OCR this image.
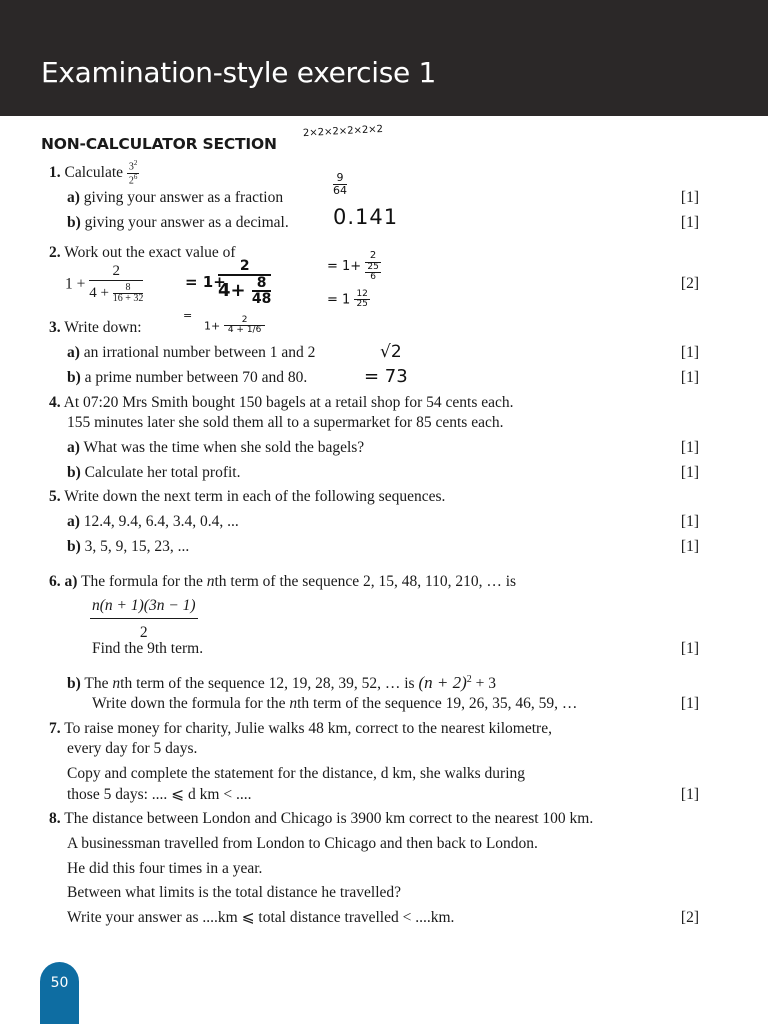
Examination-style exercise 1
NON-CALCULATOR SECTION
1. Calculate $\frac{3^2}{2^6}$
a) giving your answer as a fraction	[1]
b) giving your answer as a decimal.	[1]
2. Work out the exact value of
$1 + \frac{2}{4 + \frac{8}{16 + 32}}$	[2]
3. Write down:
a) an irrational number between 1 and 2	[1]
b) a prime number between 70 and 80.	[1]
4. At 07:20 Mrs Smith bought 150 bagels at a retail shop for 54 cents each.
155 minutes later she sold them all to a supermarket for 85 cents each.
a) What was the time when she sold the bagels?	[1]
b) Calculate her total profit.	[1]
5. Write down the next term in each of the following sequences.
a) 12.4, 9.4, 6.4, 3.4, 0.4, ...	[1]
b) 3, 5, 9, 15, 23, ...	[1]
6. a) The formula for the nth term of the sequence 2, 15, 48, 110, 210, … is
$\frac{n(n + 1)(3n - 1)}{2}$
Find the 9th term.	[1]
b) The nth term of the sequence 12, 19, 28, 39, 52, … is $(n + 2)^2 + 3$
Write down the formula for the nth term of the sequence 19, 26, 35, 46, 59, …	[1]
7. To raise money for charity, Julie walks 48 km, correct to the nearest kilometre,
every day for 5 days.
Copy and complete the statement for the distance, d km, she walks during
those 5 days: .... ⩽ d km < ....	[1]
8. The distance between London and Chicago is 3900 km correct to the nearest 100 km.
A businessman travelled from London to Chicago and then back to London.
He did this four times in a year.
Between what limits is the total distance he travelled?
Write your answer as ....km ⩽ total distance travelled < ....km.	[2]
2×2×2×2×2×2
$\frac{9}{64}$
0.141
= 1+
$\frac{2}{4+ \frac{8}{48}}$
=
= $1+ \frac{2}{\frac{25}{6}}$
= $1 \frac{12}{25}$
$1+ \frac{2}{4 + 1/6}$
√2
= 73
50
